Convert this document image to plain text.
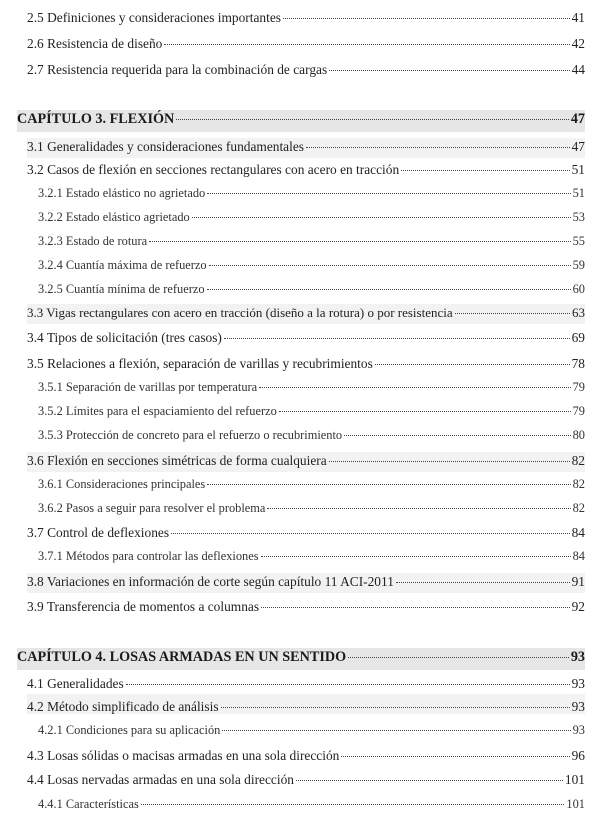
2.5 Definiciones y consideraciones importantes	41
2.6 Resistencia de diseño	42
2.7 Resistencia requerida para la combinación de cargas	44
CAPÍTULO 3. FLEXIÓN	47
3.1 Generalidades y consideraciones fundamentales	47
3.2 Casos de flexión en secciones rectangulares con acero en tracción	51
3.2.1 Estado elástico no agrietado	51
3.2.2 Estado elástico agrietado	53
3.2.3 Estado de rotura	55
3.2.4 Cuantía máxima de refuerzo	59
3.2.5 Cuantía mínima de refuerzo	60
3.3 Vigas rectangulares con acero en tracción (diseño a la rotura) o por resistencia	63
3.4 Tipos de solicitación (tres casos)	69
3.5 Relaciones a flexión, separación de varillas y recubrimientos	78
3.5.1 Separación de varillas por temperatura	79
3.5.2 Límites para el espaciamiento del refuerzo	79
3.5.3 Protección de concreto para el refuerzo o recubrimiento	80
3.6 Flexión en secciones simétricas de forma cualquiera	82
3.6.1 Consideraciones principales	82
3.6.2 Pasos a seguir para resolver el problema	82
3.7 Control de deflexiones	84
3.7.1 Métodos para controlar las deflexiones	84
3.8 Variaciones en información de corte según capítulo 11 ACI-2011	91
3.9 Transferencia de momentos a columnas	92
CAPÍTULO 4. LOSAS ARMADAS EN UN SENTIDO	93
4.1 Generalidades	93
4.2 Método simplificado de análisis	93
4.2.1 Condiciones para su aplicación	93
4.3 Losas sólidas o macisas armadas en una sola dirección	96
4.4 Losas nervadas armadas en una sola dirección	101
4.4.1 Características	101
